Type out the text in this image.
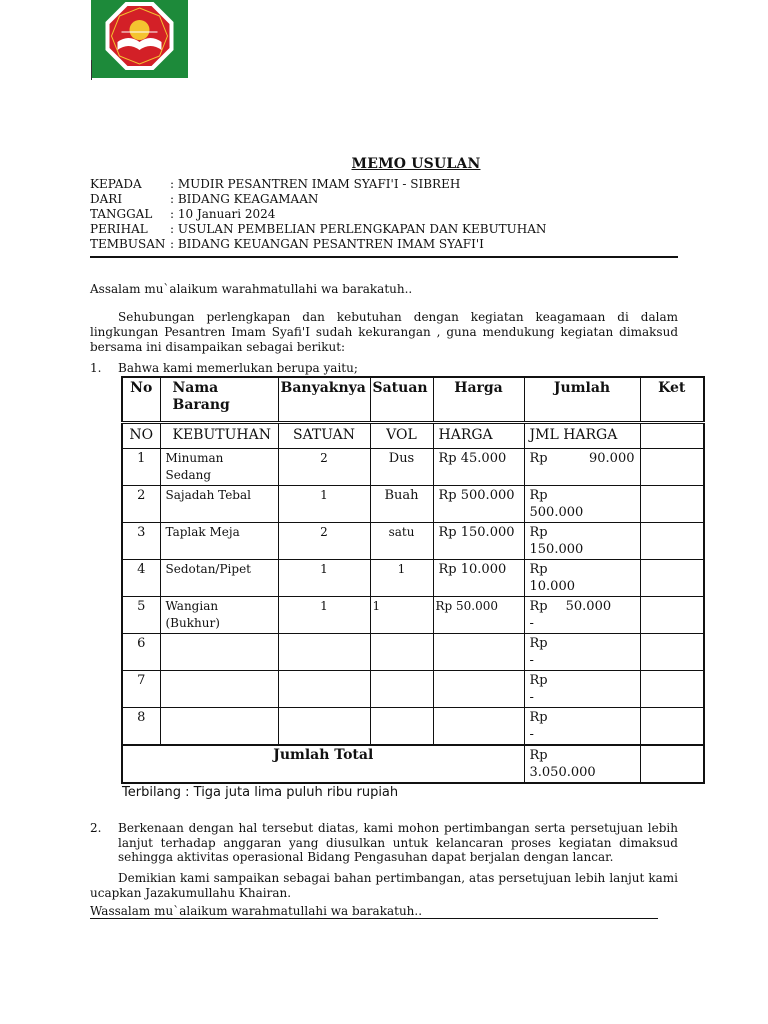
MEMO USULAN
KEPADA : MUDIR PESANTREN IMAM SYAFI'I - SIBREH
DARI	: BIDANG KEAGAMAAN
TANGGAL : 10 Januari 2024
PERIHAL : USULAN PEMBELIAN PERLENGKAPAN DAN KEBUTUHAN
TEMBUSAN : BIDANG KEUANGAN PESANTREN IMAM SYAFI'I
Assalam mu`alaikum warahmatullahi wa barakatuh..
Sehubungan perlengkapan dan kebutuhan dengan kegiatan keagamaan di dalam lingkungan Pesantren Imam Syafi'I sudah kekurangan , guna mendukung kegiatan dimaksud bersama ini disampaikan sebagai berikut:
1. Bahwa kami memerlukan berupa yaitu;
No	Nama Barang	Banyaknya	Satuan	Harga	Jumlah	Ket
NO	KEBUTUHAN	SATUAN	VOL	HARGA	JML HARGA	
1	Minuman Sedang	2	Dus	Rp 45.000	Rp 90.000	

2	Sajadah Tebal	1	Buah	Rp 500.000	Rp
500.000	
3	Taplak Meja	2	satu	Rp 150.000	Rp
150.000	
4	Sedotan/Pipet	1	1	Rp 10.000	Rp
10.000	
5	Wangian (Bukhur)	1	1	Rp 50.000	Rp 50.000
-	
6					Rp
-	
7					Rp
-	
8					Rp
-	
Jumlah Total					Rp
3.050.000	
Terbilang : Tiga juta lima puluh ribu rupiah
2. Berkenaan dengan hal tersebut diatas, kami mohon pertimbangan serta persetujuan lebih lanjut terhadap anggaran yang diusulkan untuk kelancaran proses kegiatan dimaksud sehingga aktivitas operasional Bidang Pengasuhan dapat berjalan dengan lancar.
Demikian kami sampaikan sebagai bahan pertimbangan, atas persetujuan lebih lanjut kami ucapkan Jazakumullahu Khairan.
Wassalam mu`alaikum warahmatullahi wa barakatuh..
